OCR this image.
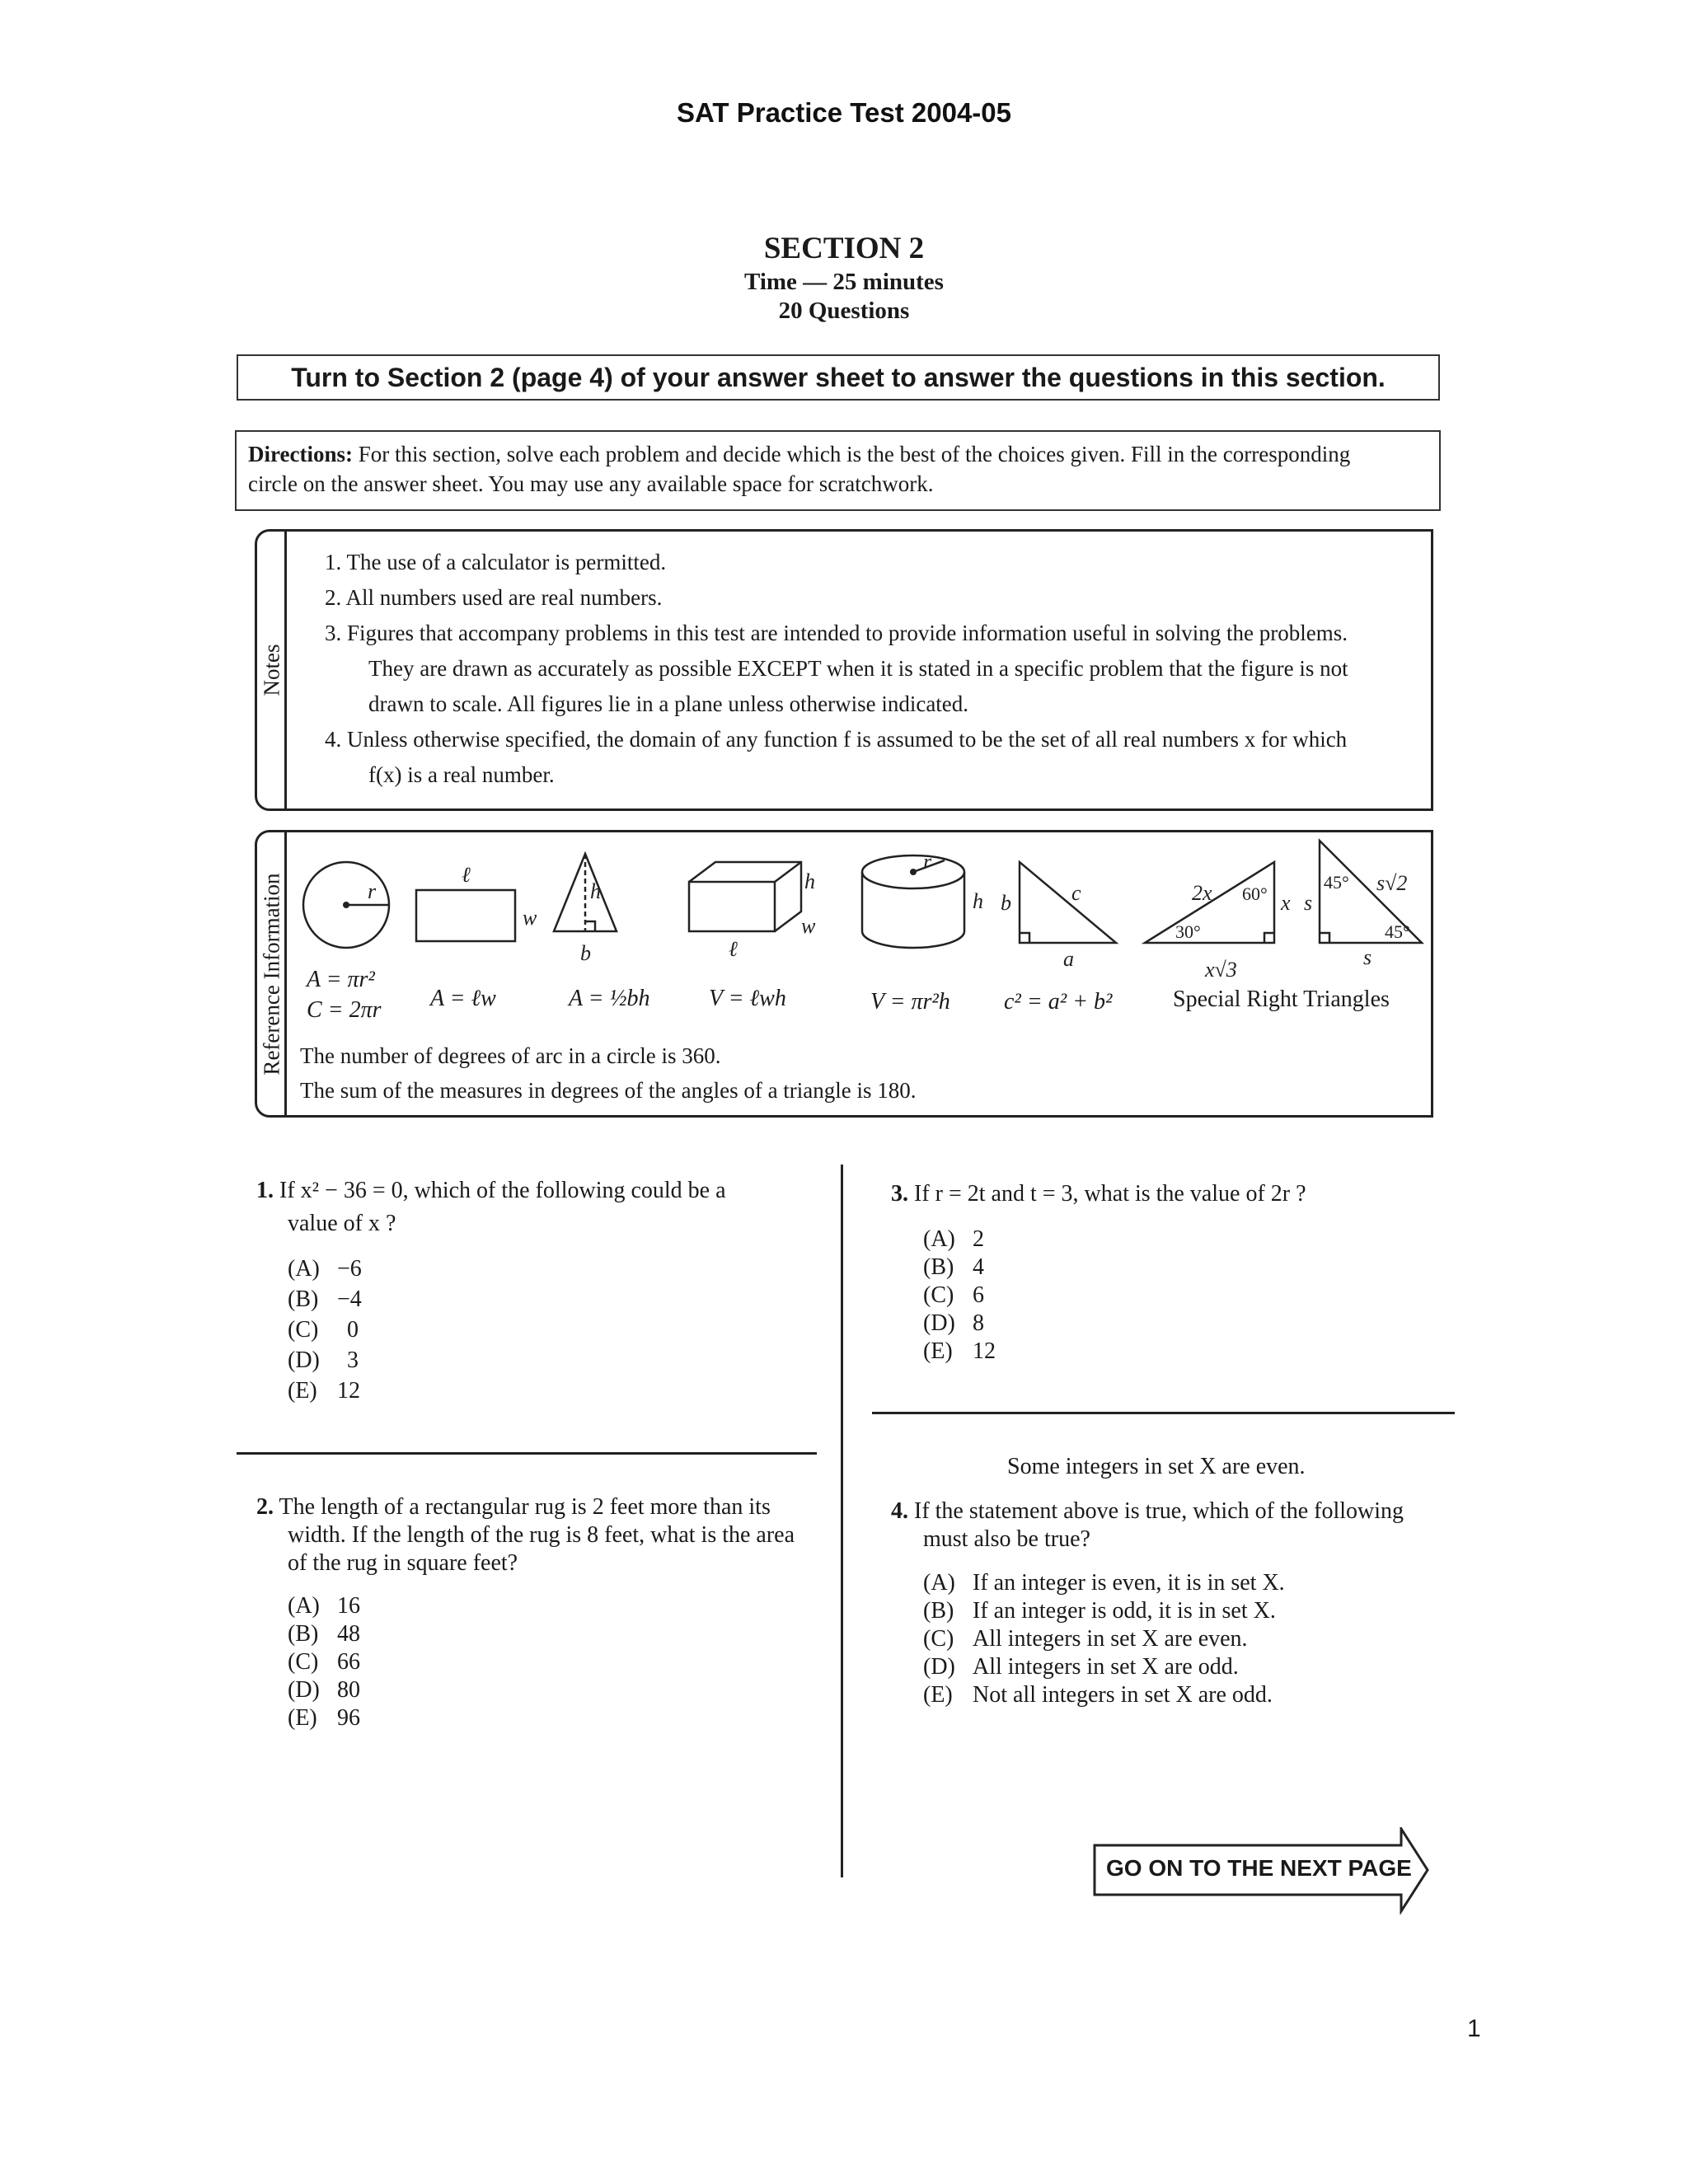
SAT Practice Test 2004-05
SECTION 2
Time — 25 minutes
20 Questions
Turn to Section 2 (page 4) of your answer sheet to answer the questions in this section.
Directions: For this section, solve each problem and decide which is the best of the choices given. Fill in the corresponding
circle on the answer sheet. You may use any available space for scratchwork.
Notes
1. The use of a calculator is permitted.
2. All numbers used are real numbers.
3. Figures that accompany problems in this test are intended to provide information useful in solving the problems.
They are drawn as accurately as possible EXCEPT when it is stated in a specific problem that the figure is not
drawn to scale. All figures lie in a plane unless otherwise indicated.
4. Unless otherwise specified, the domain of any function f is assumed to be the set of all real numbers x for which
f(x) is a real number.
Reference Information	r
ℓ
w
h
b	ℓ
h
w
r
h b	c
a
2x
x√3
x s
s√2
s
60°
30°
45°
45°
A = πr²
C = 2πr A = ℓw	A = ½bh	V = ℓwh	V = πr²h c² = a² + b²	Special Right Triangles
The number of degrees of arc in a circle is 360.
The sum of the measures in degrees of the angles of a triangle is 180.
1. If x² − 36 = 0, which of the following could be a
value of x ?
(A) −6
(B) −4
(C) 0
(D) 3
(E) 12
2. The length of a rectangular rug is 2 feet more than its
width. If the length of the rug is 8 feet, what is the area
of the rug in square feet?
(A) 16
(B) 48
(C) 66
(D) 80
(E) 96
3. If r = 2t and t = 3, what is the value of 2r ?
(A) 2
(B) 4
(C) 6
(D) 8
(E) 12
Some integers in set X are even.
4. If the statement above is true, which of the following
must also be true?
(A) If an integer is even, it is in set X.
(B) If an integer is odd, it is in set X.
(C) All integers in set X are even.
(D) All integers in set X are odd.
(E) Not all integers in set X are odd.
GO ON TO THE NEXT PAGE
1
